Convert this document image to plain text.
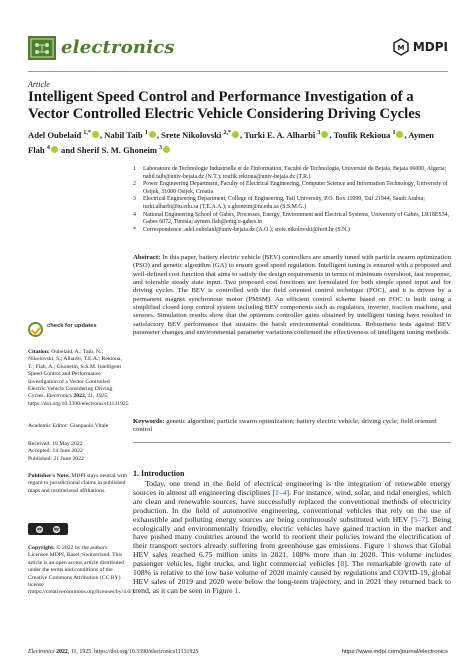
electronics	M MDPI
Article
Intelligent Speed Control and Performance Investigation of a Vector Controlled Electric Vehicle Considering Driving Cycles
Adel Oubelaid $^{1,*}$ , Nabil Taib $^1$ , Srete Nikolovski $^{2,*}$ , Turki E. A. Alharbi $^3$ , Toufik Rekioua $^1$ , Aymen Flah $^4$ and Sherif S. M. Ghoneim $^3$
1	Laboratoire de Technologie Industrielle et de l'Information, Faculté de Technologie, Université de Bejaia, Bejaia 06000, Algeria; nabil.taib@univ-bejaia.dz (N.T.); toufik.rekioua@univ-bejaia.dz (T.R.)
2	Power Engineering Department, Faculty of Electrical Engineering, Computer Science and Information Technology, University of Osijek, 31000 Osijek, Croatia
3	Electrical Engineering Department, College of Engineering, Taif University, P.O. Box 11099, Taif 21944, Saudi Arabia; turki.alharbi@tu.edu.sa (T.E.A.A.); s.ghoneim@tu.edu.sa (S.S.M.G.)
4	National Engineering School of Gabès, Processes, Energy, Environment and Electrical Systems, University of Gabès, LR18ES34, Gabes 6072, Tunisia; aymen.flah@enig.u-gabes.tn
*	Correspondence: adel.oubelaid@univ-bejaia.dz (A.O.); srete.nikolovski@ferit.hr (S.N.)
check for updates
Citation: Oubelaid, A.; Taib, N.; Nikolovski, S.; Alharbi, T.E.A.; Rekioua, T.; Flah, A.; Ghoneim, S.S.M. Intelligent Speed Control and Performance Investigation of a Vector Controlled Electric Vehicle Considering Driving Cycles. Electronics 2022, 11, 1925. https://doi.org/10.3390/electronics11131925
Academic Editor: Gianpaolo Vitale
Received: 18 May 2022
Accepted: 14 June 2022
Published: 21 June 2022
Publisher's Note: MDPI stays neutral with regard to jurisdictional claims in published maps and institutional affiliations.
cc	by
Copyright: © 2022 by the authors. Licensee MDPI, Basel, Switzerland. This article is an open access article distributed under the terms and conditions of the Creative Commons Attribution (CC BY) license (https://creativecommons.org/licenses/by/4.0/).
Abstract: In this paper, battery electric vehicle (BEV) controllers are smartly tuned with particle swarm optimization (PSO) and genetic algorithm (GA) to ensure good speed regulation. Intelligent tuning is ensured with a proposed and well-defined cost function that aims to satisfy the design requirements in terms of minimum overshoot, fast response, and tolerable steady state input. Two proposed cost functions are formulated for both simple speed input and for driving cycles. The BEV is controlled with the field oriented control technique (FOC), and it is driven by a permanent magnet synchronous motor (PMSM). An efficient control scheme based on FOC is built using a simplified closed loop control system including BEV components such as regulators, inverter, traction machine, and sensors. Simulation results show that the optimum controller gains obtained by intelligent tuning have resulted in satisfactory BEV performance that sustains the harsh environmental conditions. Robustness tests against BEV parameter changes and environmental parameter variations confirmed the effectiveness of intelligent tuning methods.
Keywords: genetic algorithm; particle swarm optimization; battery electric vehicle; driving cycle; field oriented control
1. Introduction
Today, one trend in the field of electrical engineering is the integration of renewable energy sources in almost all engineering disciplines [1–4]. For instance, wind, solar, and tidal energies, which are clean and renewable sources, have successfully replaced the conventional methods of electricity production. In the field of automotive engineering, conventional vehicles that rely on the use of exhaustible and polluting energy sources are being continuously substituted with HEV [5–7]. Being ecologically and environmentally friendly, electric vehicles have gained traction in the market and have pushed many countries around the world to reorient their policies toward the electrification of their transport sectors already suffering from greenhouse gas emissions. Figure 1 shows that Global HEV sales reached 6.75 million units in 2021, 108% more than in 2020. This volume includes passenger vehicles, light trucks, and light commercial vehicles [8]. The remarkable growth rate of 108% is relative to the low base volume of 2020 mainly caused by regulations and COVID-19, global HEV sales of 2019 and 2020 were below the long-term trajectory, and in 2021 they returned back to trend, as it can be seen in Figure 1.
Electronics 2022, 11, 1925. https://doi.org/10.3390/electronics11131925	https://www.mdpi.com/journal/electronics
